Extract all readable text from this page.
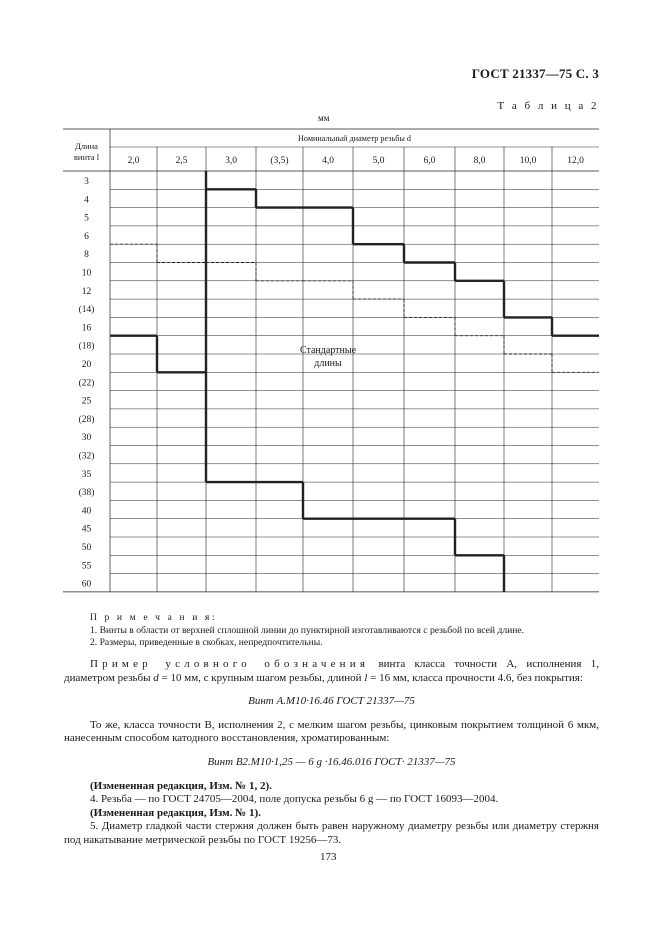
ГОСТ 21337—75 С. 3
Т а б л и ц а 2
мм
Длина
винта l
Номинальный диаметр резьбы d
2,0	2,5	3,0	(3,5)	4,0	5,0	6,0	8,0	10,0	12,0
3
4
5
6
8
10
12
(14)
16
(18)
20
(22)
25
(28)
30
(32)
35
(38)
40
45
50
55
60
Стандартные
длины
П р и м е ч а н и я:
1. Винты в области от верхней сплошной линии до пунктирной изготавливаются с резьбой по всей длине.
2. Размеры, приведенные в скобках, непредпочтительны.

Пример условного обозначения винта класса точности А, исполнения 1, диаметром резьбы d = 10 мм, с крупным шагом резьбы, длиной l = 16 мм, класса прочности 4.6, без покрытия:

Винт А.М10·16.46 ГОСТ 21337—75

То же, класса точности В, исполнения 2, с мелким шагом резьбы, цинковым покрытием толщиной 6 мкм, нанесенным способом катодного восстановления, хроматированным:

Винт В2.М10·1,25 — 6 g ·16.46.016 ГОСТ· 21337—75

(Измененная редакция, Изм. № 1, 2).

4. Резьба — по ГОСТ 24705—2004, поле допуска резьбы 6 g — по ГОСТ 16093—2004.

(Измененная редакция, Изм. № 1).

5. Диаметр гладкой части стержня должен быть равен наружному диаметру резьбы или диаметру стержня под накатывание метрической резьбы по ГОСТ 19256—73.

173
